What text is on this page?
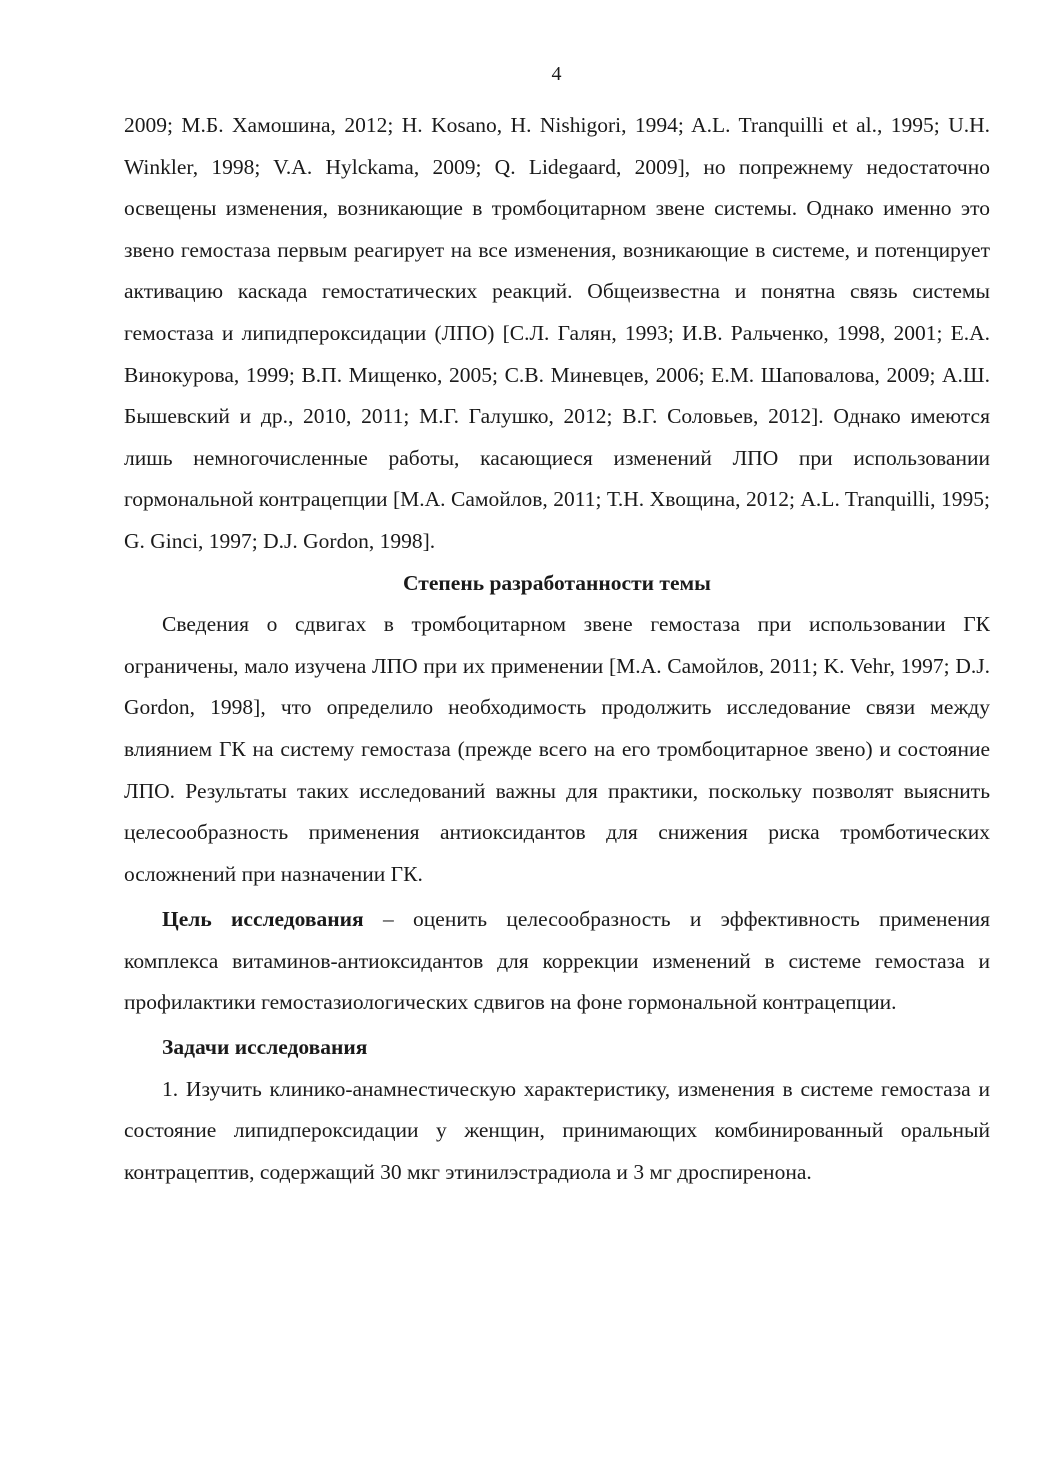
4

2009; М.Б. Хамошина, 2012; H. Kosano, H. Nishigori, 1994; A.L. Tranquilli et al., 1995; U.H. Winkler, 1998; V.A. Hylckama, 2009; Q. Lidegaard, 2009], но попрежнему недостаточно освещены изменения, возникающие в тромбоцитарном звене системы. Однако именно это звено гемостаза первым реагирует на все изменения, возникающие в системе, и потенцирует активацию каскада гемостатических реакций. Общеизвестна и понятна связь системы гемостаза и липидпероксидации (ЛПО) [С.Л. Галян, 1993; И.В. Ральченко, 1998, 2001; Е.А. Винокурова, 1999; В.П. Мищенко, 2005; С.В. Миневцев, 2006; Е.М. Шаповалова, 2009; А.Ш. Бышевский и др., 2010, 2011; М.Г. Галушко, 2012; В.Г. Соловьев, 2012]. Однако имеются лишь немногочисленные работы, касающиеся изменений ЛПО при использовании гормональной контрацепции [М.А. Самойлов, 2011; Т.Н. Хвощина, 2012; A.L. Tranquilli, 1995; G. Ginci, 1997; D.J. Gordon, 1998].

Степень разработанности темы

Сведения о сдвигах в тромбоцитарном звене гемостаза при использовании ГК ограничены, мало изучена ЛПО при их применении [М.А. Самойлов, 2011; K. Vehr, 1997; D.J. Gordon, 1998], что определило необходимость продолжить исследование связи между влиянием ГК на систему гемостаза (прежде всего на его тромбоцитарное звено) и состояние ЛПО. Результаты таких исследований важны для практики, поскольку позволят выяснить целесообразность применения антиоксидантов для снижения риска тромботических осложнений при назначении ГК.

Цель исследования – оценить целесообразность и эффективность применения комплекса витаминов-антиоксидантов для коррекции изменений в системе гемостаза и профилактики гемостазиологических сдвигов на фоне гормональной контрацепции.

Задачи исследования

1. Изучить клинико-анамнестическую характеристику, изменения в системе гемостаза и состояние липидпероксидации у женщин, принимающих комбинированный оральный контрацептив, содержащий 30 мкг этинилэстрадиола и 3 мг дроспиренона.
